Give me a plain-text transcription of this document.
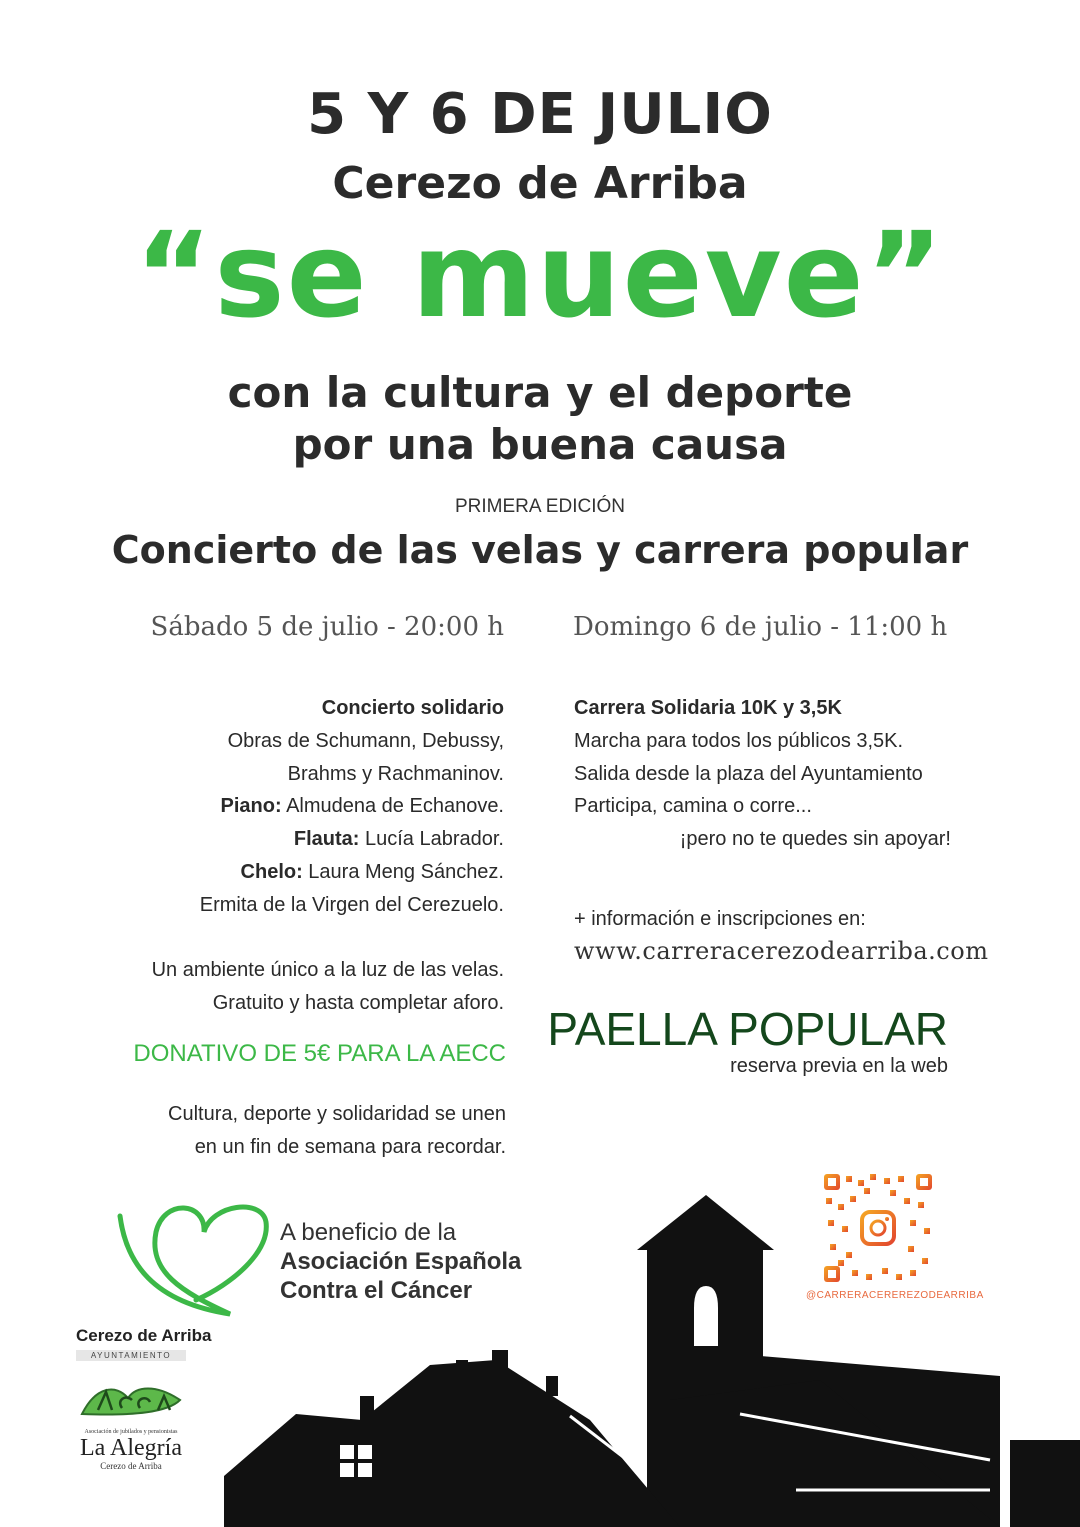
5 Y 6 DE JULIO
Cerezo de Arriba
“se mueve”
con la cultura y el deporte
por una buena causa
PRIMERA EDICIÓN
Concierto de las velas y carrera popular
Sábado 5 de julio - 20:00 h	Domingo 6 de julio - 11:00 h
Concierto solidario
Obras de Schumann, Debussy,
Brahms y Rachmaninov.
Piano: Almudena de Echanove.
Flauta: Lucía Labrador.
Chelo: Laura Meng Sánchez.
Ermita de la Virgen del Cerezuelo.
Un ambiente único a la luz de las velas.
Gratuito y hasta completar aforo.
DONATIVO DE 5€ PARA LA AECC
Cultura, deporte y solidaridad se unen
en un fin de semana para recordar.
Carrera Solidaria 10K y 3,5K
Marcha para todos los públicos 3,5K.
Salida desde la plaza del Ayuntamiento
Participa, camina o corre...
¡pero no te quedes sin apoyar!
+ información e inscripciones en:
www.carreracerezodearriba.com
PAELLA POPULAR
reserva previa en la web
A beneficio de la
Asociación Española
Contra el Cáncer
Cerezo de Arriba
AYUNTAMIENTO
Asociación de jubilados y pensionistas
La Alegría
Cerezo de Arriba
@CARRERACEREREZODEARRIBA
